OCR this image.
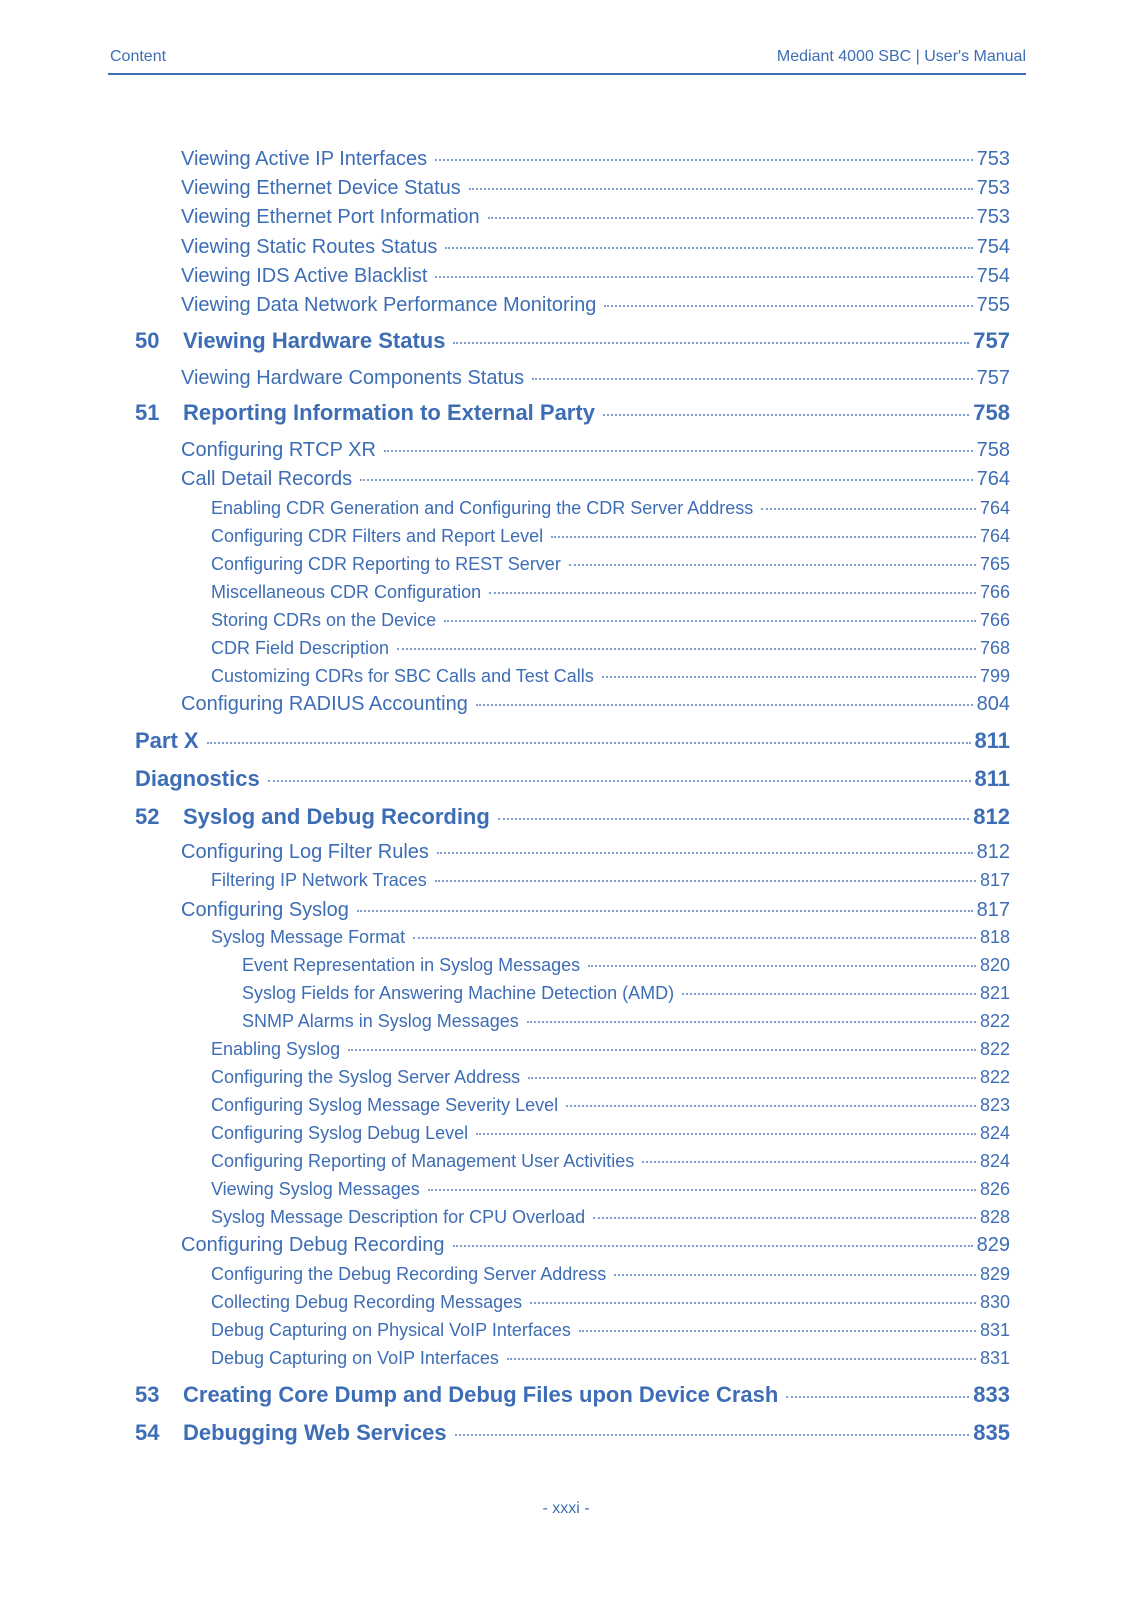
Content	Mediant 4000 SBC | User's Manual
Viewing Active IP Interfaces	753
Viewing Ethernet Device Status	753
Viewing Ethernet Port Information	753
Viewing Static Routes Status	754
Viewing IDS Active Blacklist	754
Viewing Data Network Performance Monitoring	755
50	Viewing Hardware Status	757
Viewing Hardware Components Status	757
51	Reporting Information to External Party	758
Configuring RTCP XR	758
Call Detail Records	764
Enabling CDR Generation and Configuring the CDR Server Address	764
Configuring CDR Filters and Report Level	764
Configuring CDR Reporting to REST Server	765
Miscellaneous CDR Configuration	766
Storing CDRs on the Device	766
CDR Field Description	768
Customizing CDRs for SBC Calls and Test Calls	799
Configuring RADIUS Accounting	804
Part X	811
Diagnostics	811
52	Syslog and Debug Recording	812
Configuring Log Filter Rules	812
Filtering IP Network Traces	817
Configuring Syslog	817
Syslog Message Format	818
Event Representation in Syslog Messages	820
Syslog Fields for Answering Machine Detection (AMD)	821
SNMP Alarms in Syslog Messages	822
Enabling Syslog	822
Configuring the Syslog Server Address	822
Configuring Syslog Message Severity Level	823
Configuring Syslog Debug Level	824
Configuring Reporting of Management User Activities	824
Viewing Syslog Messages	826
Syslog Message Description for CPU Overload	828
Configuring Debug Recording	829
Configuring the Debug Recording Server Address	829
Collecting Debug Recording Messages	830
Debug Capturing on Physical VoIP Interfaces	831
Debug Capturing on VoIP Interfaces	831
53	Creating Core Dump and Debug Files upon Device Crash	833
54	Debugging Web Services	835
- xxxi -
